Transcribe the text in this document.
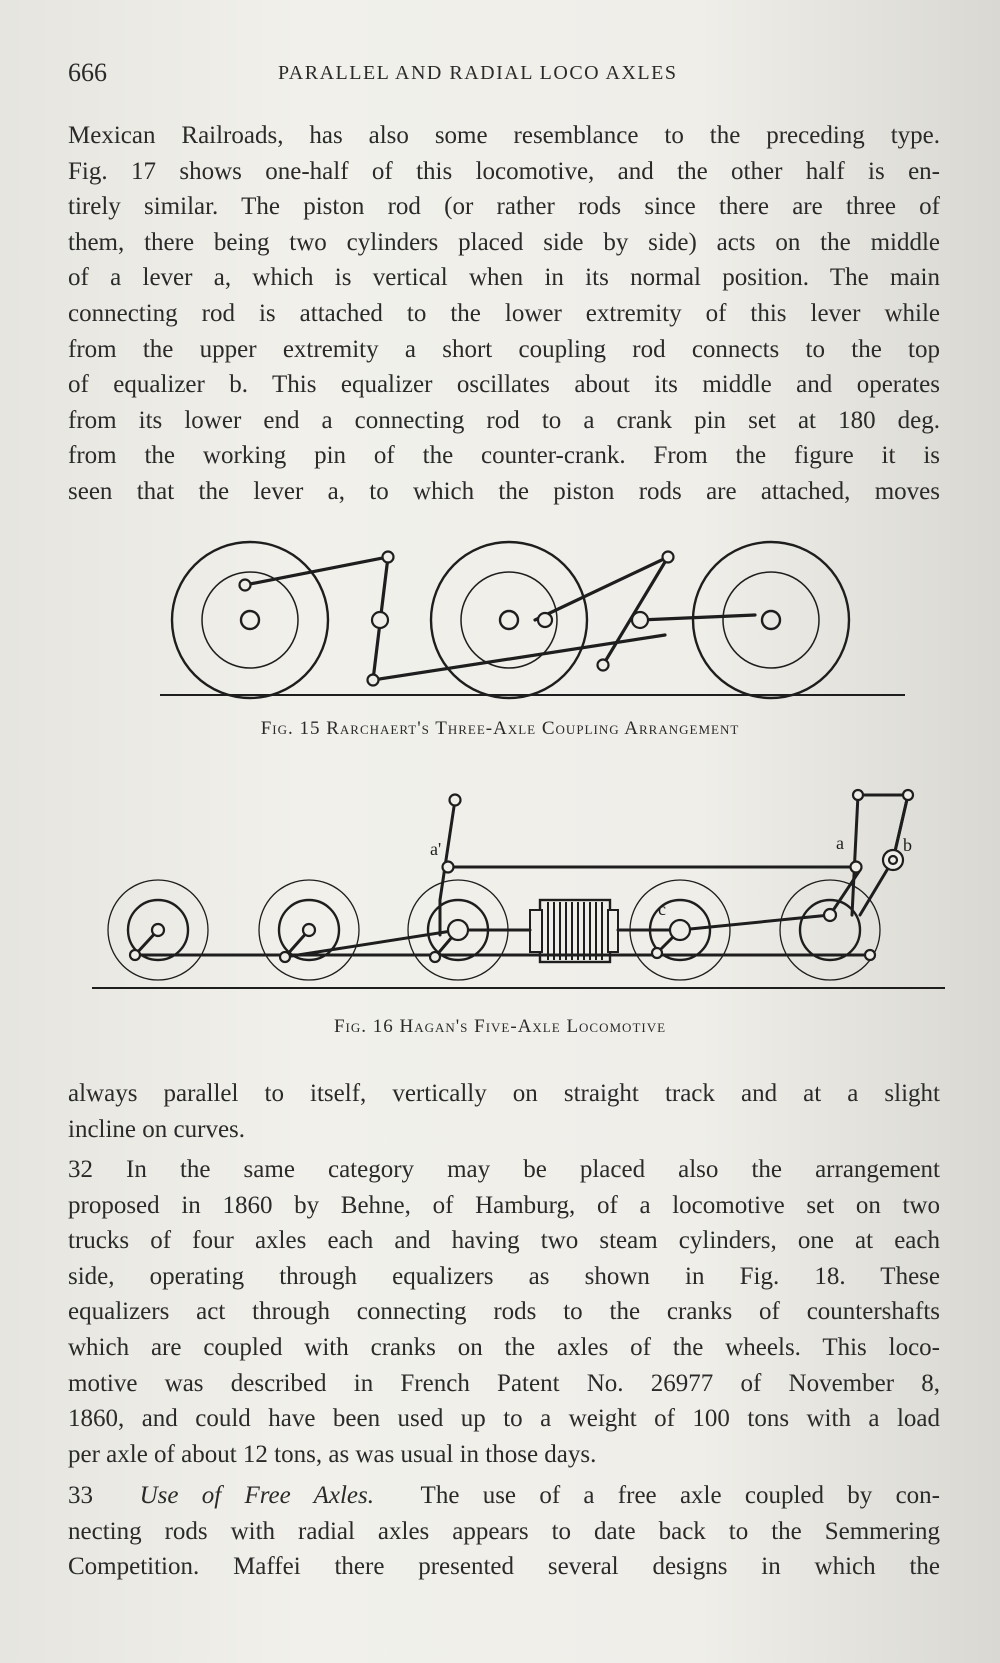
666	PARALLEL AND RADIAL LOCO AXLES
Mexican Railroads, has also some resemblance to the preceding type.
Fig. 17 shows one-half of this locomotive, and the other half is en-
tirely similar. The piston rod (or rather rods since there are three of
them, there being two cylinders placed side by side) acts on the middle
of a lever a, which is vertical when in its normal position. The main
connecting rod is attached to the lower extremity of this lever while
from the upper extremity a short coupling rod connects to the top
of equalizer b. This equalizer oscillates about its middle and operates
from its lower end a connecting rod to a crank pin set at 180 deg.
from the working pin of the counter-crank. From the figure it is
seen that the lever a, to which the piston rods are attached, moves
Fig. 15 Rarchaert's Three-Axle Coupling Arrangement
a'	a	b
c
Fig. 16 Hagan's Five-Axle Locomotive
always parallel to itself, vertically on straight track and at a slight
incline on curves.
32 In the same category may be placed also the arrangement
proposed in 1860 by Behne, of Hamburg, of a locomotive set on two
trucks of four axles each and having two steam cylinders, one at each
side, operating through equalizers as shown in Fig. 18. These
equalizers act through connecting rods to the cranks of countershafts
which are coupled with cranks on the axles of the wheels. This loco-
motive was described in French Patent No. 26977 of November 8,
1860, and could have been used up to a weight of 100 tons with a load
per axle of about 12 tons, as was usual in those days.
33 Use of Free Axles. The use of a free axle coupled by con-
necting rods with radial axles appears to date back to the Semmering
Competition. Maffei there presented several designs in which the
